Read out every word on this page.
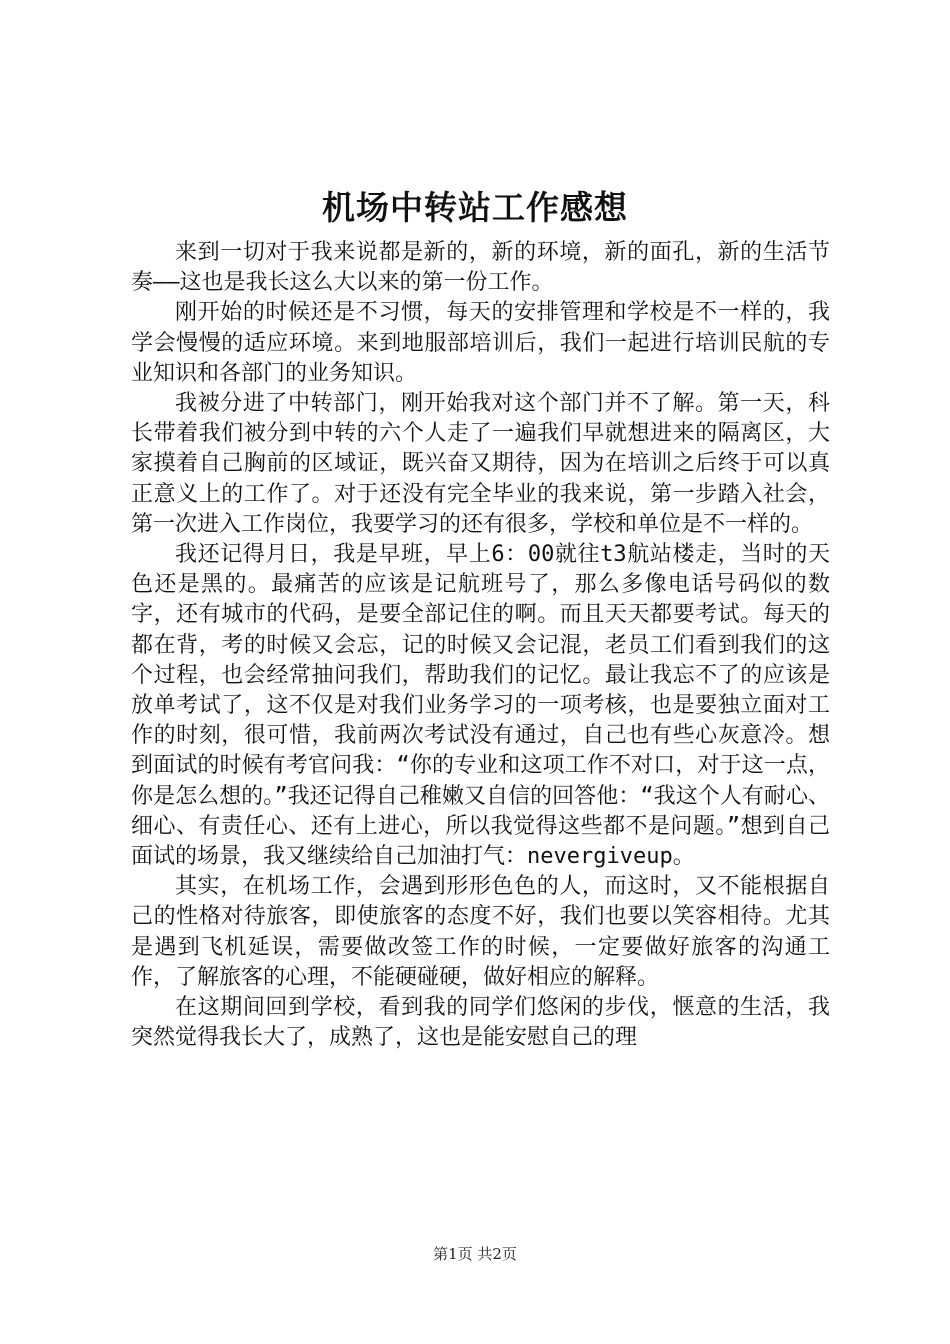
机场中转站工作感想

来到一切对于我来说都是新的，新的环境，新的面孔，新的生活节奏——这也是我长这么大以来的第一份工作。

刚开始的时候还是不习惯，每天的安排管理和学校是不一样的，我学会慢慢的适应环境。来到地服部培训后，我们一起进行培训民航的专业知识和各部门的业务知识。

我被分进了中转部门，刚开始我对这个部门并不了解。第一天，科长带着我们被分到中转的六个人走了一遍我们早就想进来的隔离区，大家摸着自己胸前的区域证，既兴奋又期待，因为在培训之后终于可以真正意义上的工作了。对于还没有完全毕业的我来说，第一步踏入社会，第一次进入工作岗位，我要学习的还有很多，学校和单位是不一样的。

我还记得月日，我是早班，早上6：00就往t3航站楼走，当时的天色还是黑的。最痛苦的应该是记航班号了，那么多像电话号码似的数字，还有城市的代码，是要全部记住的啊。而且天天都要考试。每天的都在背，考的时候又会忘，记的时候又会记混，老员工们看到我们的这个过程，也会经常抽问我们，帮助我们的记忆。最让我忘不了的应该是放单考试了，这不仅是对我们业务学习的一项考核，也是要独立面对工作的时刻，很可惜，我前两次考试没有通过，自己也有些心灰意冷。想到面试的时候有考官问我：“你的专业和这项工作不对口，对于这一点，你是怎么想的。”我还记得自己稚嫩又自信的回答他：“我这个人有耐心、细心、有责任心、还有上进心，所以我觉得这些都不是问题。”想到自己面试的场景，我又继续给自己加油打气：nevergiveup。

其实，在机场工作，会遇到形形色色的人，而这时，又不能根据自己的性格对待旅客，即使旅客的态度不好，我们也要以笑容相待。尤其是遇到飞机延误，需要做改签工作的时候，一定要做好旅客的沟通工作，了解旅客的心理，不能硬碰硬，做好相应的解释。

在这期间回到学校，看到我的同学们悠闲的步伐，惬意的生活，我突然觉得我长大了，成熟了，这也是能安慰自己的理

第1页 共2页
